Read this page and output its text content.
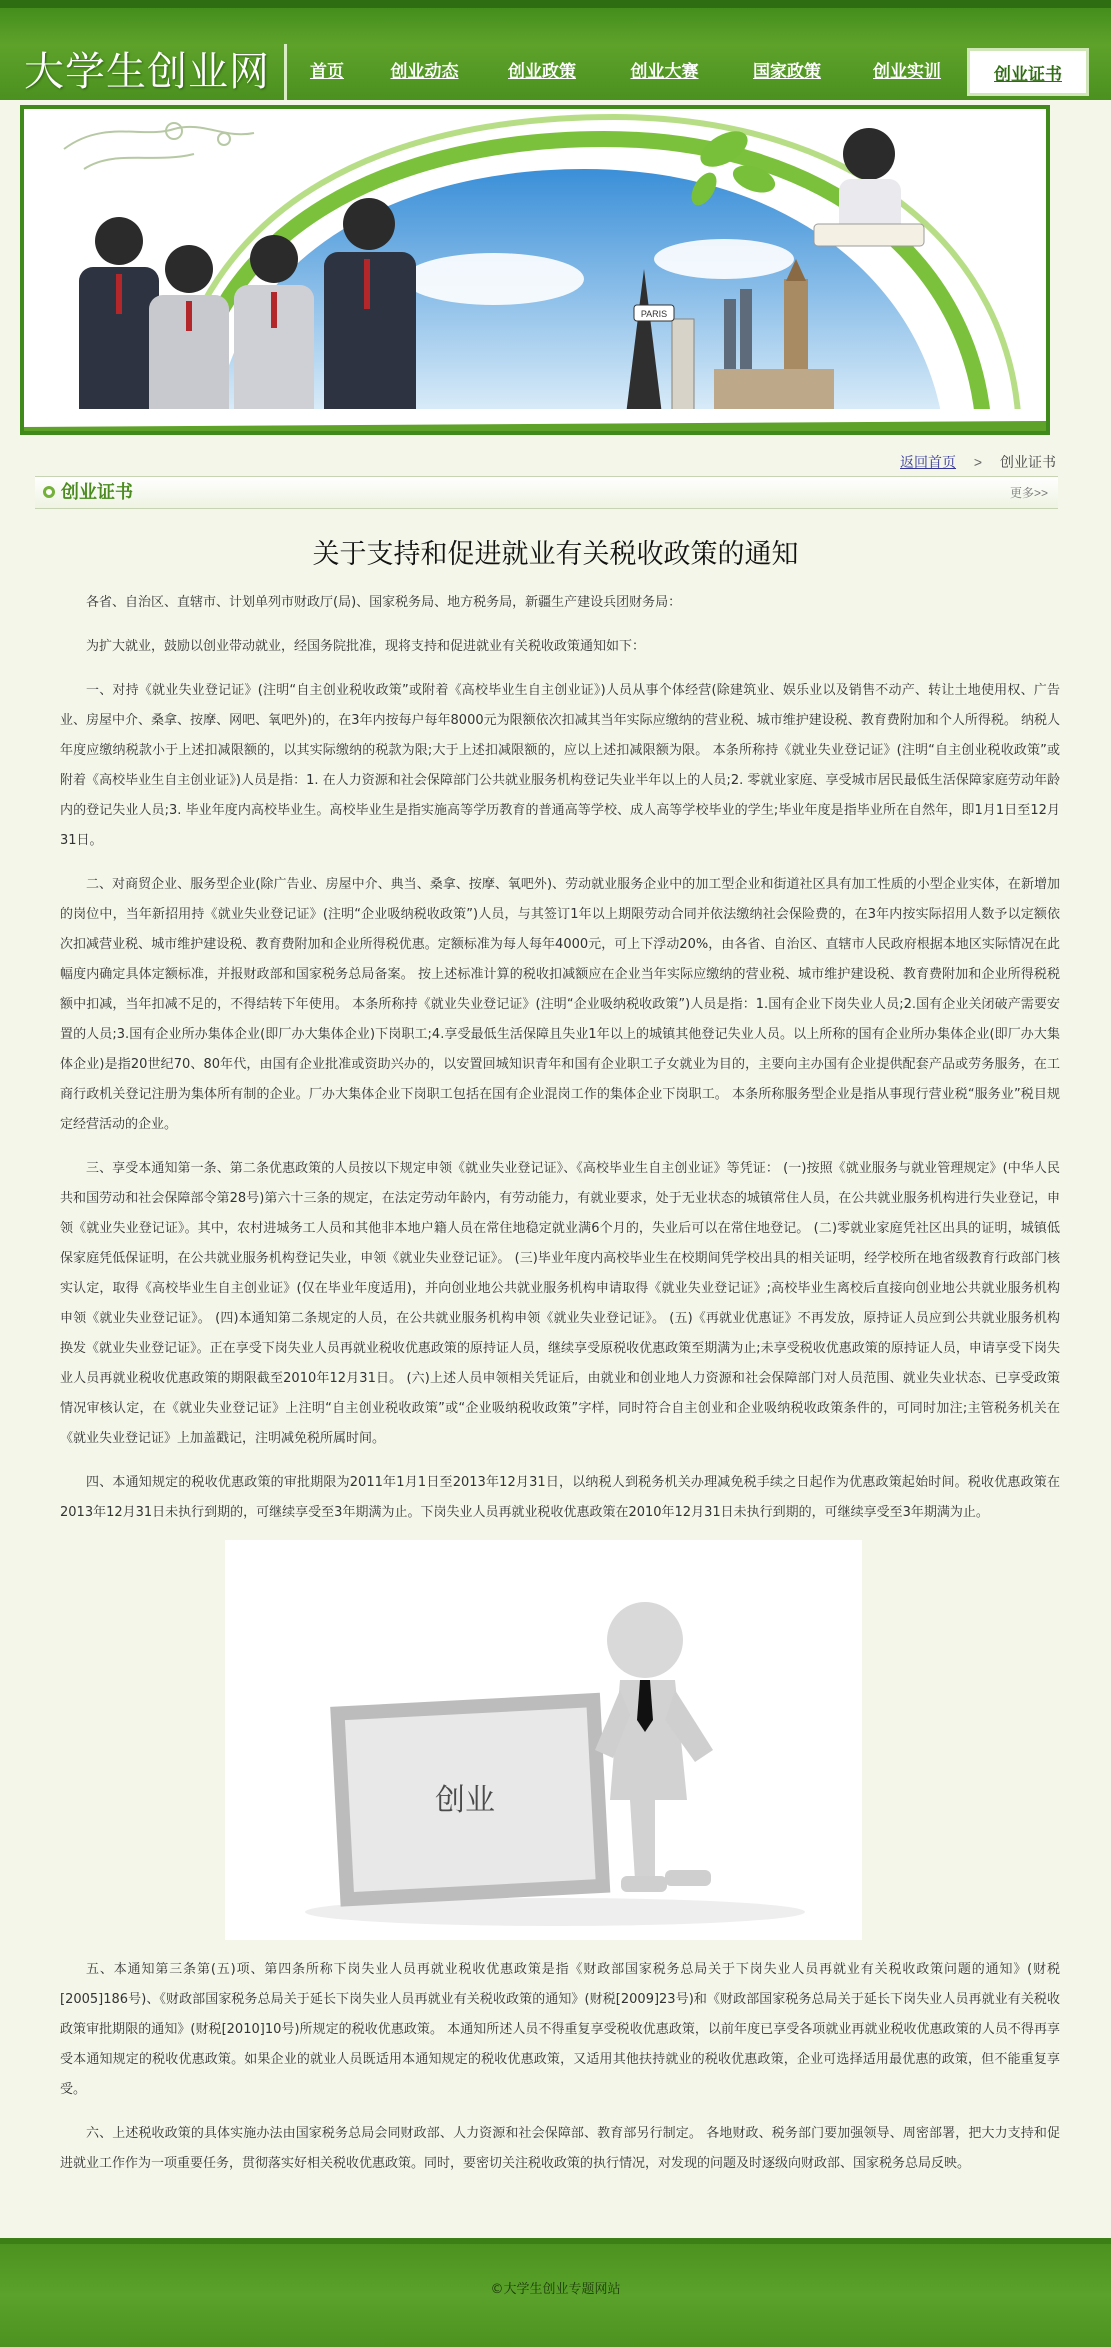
大学生创业网	首页	创业动态	创业政策	创业大赛	国家政策	创业实训	创业证书
PARIS
返回首页 > 创业证书
创业证书	更多>>
关于支持和促进就业有关税收政策的通知

各省、自治区、直辖市、计划单列市财政厅(局)、国家税务局、地方税务局，新疆生产建设兵团财务局：

为扩大就业，鼓励以创业带动就业，经国务院批准，现将支持和促进就业有关税收政策通知如下：

一、对持《就业失业登记证》(注明“自主创业税收政策”或附着《高校毕业生自主创业证》)人员从事个体经营(除建筑业、娱乐业以及销售不动产、转让土地使用权、广告业、房屋中介、桑拿、按摩、网吧、氧吧外)的，在3年内按每户每年8000元为限额依次扣减其当年实际应缴纳的营业税、城市维护建设税、教育费附加和个人所得税。 纳税人年度应缴纳税款小于上述扣减限额的，以其实际缴纳的税款为限;大于上述扣减限额的，应以上述扣减限额为限。 本条所称持《就业失业登记证》(注明“自主创业税收政策”或附着《高校毕业生自主创业证》)人员是指：1. 在人力资源和社会保障部门公共就业服务机构登记失业半年以上的人员;2. 零就业家庭、享受城市居民最低生活保障家庭劳动年龄内的登记失业人员;3. 毕业年度内高校毕业生。高校毕业生是指实施高等学历教育的普通高等学校、成人高等学校毕业的学生;毕业年度是指毕业所在自然年，即1月1日至12月31日。

二、对商贸企业、服务型企业(除广告业、房屋中介、典当、桑拿、按摩、氧吧外)、劳动就业服务企业中的加工型企业和街道社区具有加工性质的小型企业实体，在新增加的岗位中，当年新招用持《就业失业登记证》(注明“企业吸纳税收政策”)人员，与其签订1年以上期限劳动合同并依法缴纳社会保险费的，在3年内按实际招用人数予以定额依次扣减营业税、城市维护建设税、教育费附加和企业所得税优惠。定额标准为每人每年4000元，可上下浮动20%，由各省、自治区、直辖市人民政府根据本地区实际情况在此幅度内确定具体定额标准，并报财政部和国家税务总局备案。 按上述标准计算的税收扣减额应在企业当年实际应缴纳的营业税、城市维护建设税、教育费附加和企业所得税税额中扣减，当年扣减不足的，不得结转下年使用。 本条所称持《就业失业登记证》(注明“企业吸纳税收政策”)人员是指：1.国有企业下岗失业人员;2.国有企业关闭破产需要安置的人员;3.国有企业所办集体企业(即厂办大集体企业)下岗职工;4.享受最低生活保障且失业1年以上的城镇其他登记失业人员。以上所称的国有企业所办集体企业(即厂办大集体企业)是指20世纪70、80年代，由国有企业批准或资助兴办的，以安置回城知识青年和国有企业职工子女就业为目的，主要向主办国有企业提供配套产品或劳务服务，在工商行政机关登记注册为集体所有制的企业。厂办大集体企业下岗职工包括在国有企业混岗工作的集体企业下岗职工。 本条所称服务型企业是指从事现行营业税“服务业”税目规定经营活动的企业。

三、享受本通知第一条、第二条优惠政策的人员按以下规定申领《就业失业登记证》、《高校毕业生自主创业证》等凭证： (一)按照《就业服务与就业管理规定》(中华人民共和国劳动和社会保障部令第28号)第六十三条的规定，在法定劳动年龄内，有劳动能力，有就业要求，处于无业状态的城镇常住人员，在公共就业服务机构进行失业登记，申领《就业失业登记证》。其中，农村进城务工人员和其他非本地户籍人员在常住地稳定就业满6个月的，失业后可以在常住地登记。 (二)零就业家庭凭社区出具的证明，城镇低保家庭凭低保证明，在公共就业服务机构登记失业，申领《就业失业登记证》。 (三)毕业年度内高校毕业生在校期间凭学校出具的相关证明，经学校所在地省级教育行政部门核实认定，取得《高校毕业生自主创业证》(仅在毕业年度适用)，并向创业地公共就业服务机构申请取得《就业失业登记证》;高校毕业生离校后直接向创业地公共就业服务机构申领《就业失业登记证》。 (四)本通知第二条规定的人员，在公共就业服务机构申领《就业失业登记证》。 (五)《再就业优惠证》不再发放，原持证人员应到公共就业服务机构换发《就业失业登记证》。正在享受下岗失业人员再就业税收优惠政策的原持证人员，继续享受原税收优惠政策至期满为止;未享受税收优惠政策的原持证人员，申请享受下岗失业人员再就业税收优惠政策的期限截至2010年12月31日。 (六)上述人员申领相关凭证后，由就业和创业地人力资源和社会保障部门对人员范围、就业失业状态、已享受政策情况审核认定，在《就业失业登记证》上注明“自主创业税收政策”或“企业吸纳税收政策”字样，同时符合自主创业和企业吸纳税收政策条件的，可同时加注;主管税务机关在《就业失业登记证》上加盖戳记，注明减免税所属时间。

四、本通知规定的税收优惠政策的审批期限为2011年1月1日至2013年12月31日，以纳税人到税务机关办理减免税手续之日起作为优惠政策起始时间。税收优惠政策在2013年12月31日未执行到期的，可继续享受至3年期满为止。下岗失业人员再就业税收优惠政策在2010年12月31日未执行到期的，可继续享受至3年期满为止。

创业

五、本通知第三条第(五)项、第四条所称下岗失业人员再就业税收优惠政策是指《财政部国家税务总局关于下岗失业人员再就业有关税收政策问题的通知》(财税[2005]186号)、《财政部国家税务总局关于延长下岗失业人员再就业有关税收政策的通知》(财税[2009]23号)和《财政部国家税务总局关于延长下岗失业人员再就业有关税收政策审批期限的通知》(财税[2010]10号)所规定的税收优惠政策。 本通知所述人员不得重复享受税收优惠政策，以前年度已享受各项就业再就业税收优惠政策的人员不得再享受本通知规定的税收优惠政策。如果企业的就业人员既适用本通知规定的税收优惠政策，又适用其他扶持就业的税收优惠政策，企业可选择适用最优惠的政策，但不能重复享受。

六、上述税收政策的具体实施办法由国家税务总局会同财政部、人力资源和社会保障部、教育部另行制定。 各地财政、税务部门要加强领导、周密部署，把大力支持和促进就业工作作为一项重要任务，贯彻落实好相关税收优惠政策。同时，要密切关注税收政策的执行情况，对发现的问题及时逐级向财政部、国家税务总局反映。

©大学生创业专题网站
